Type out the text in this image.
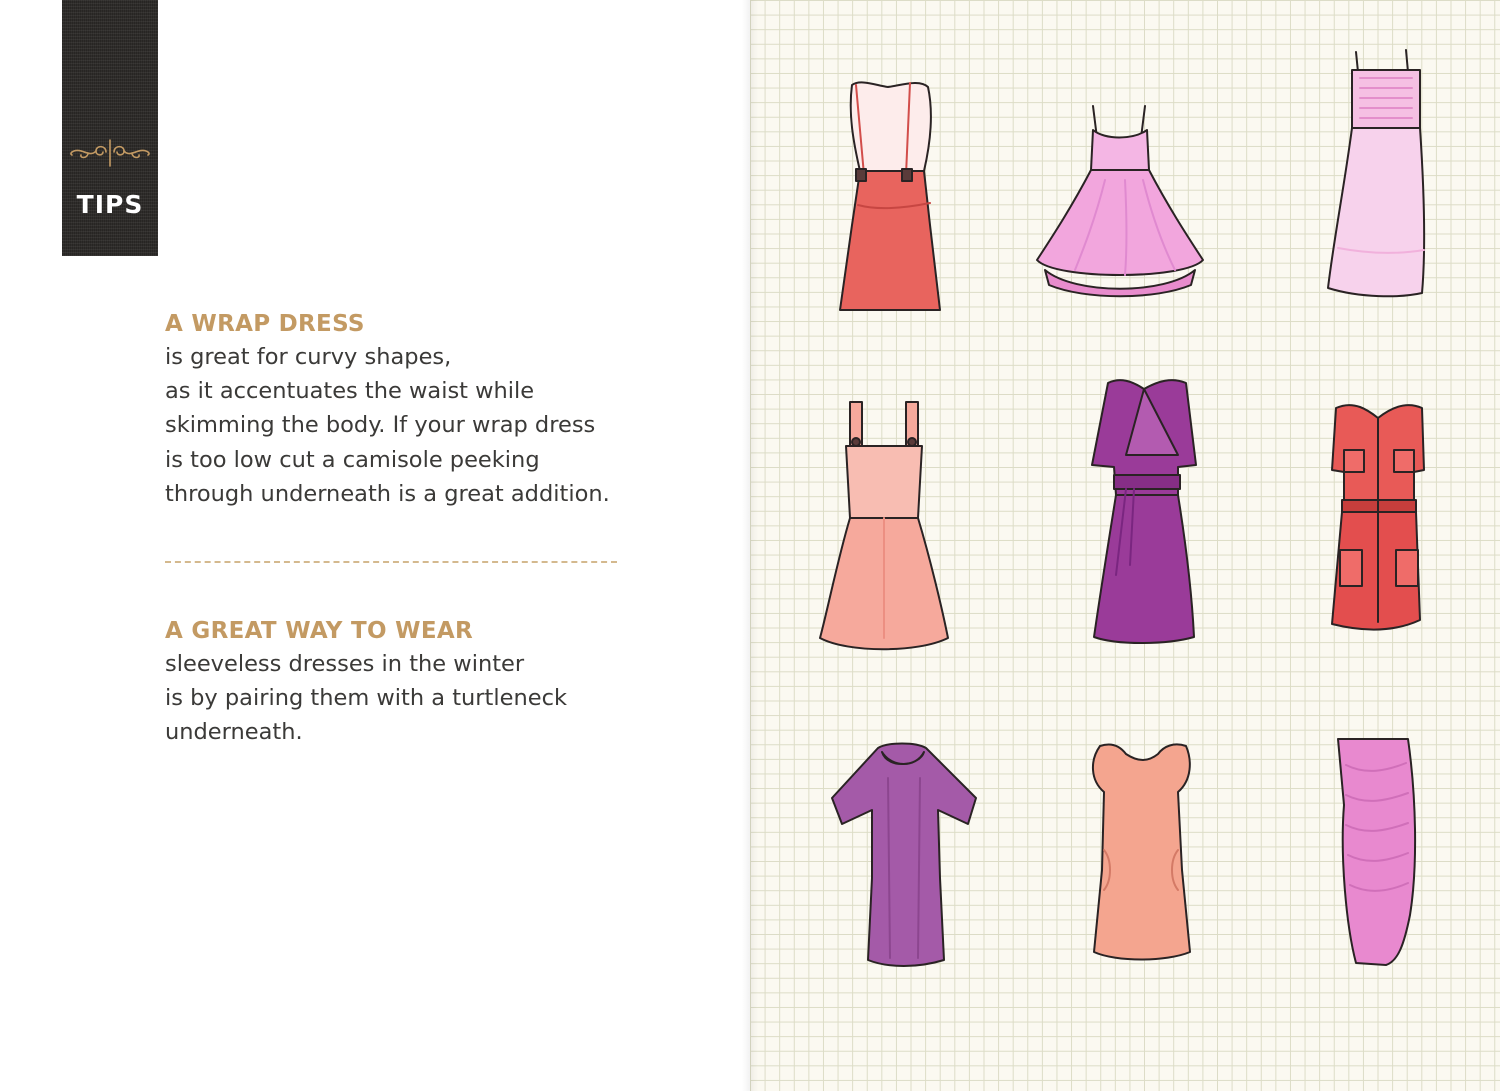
TIPS
A WRAP DRESS
is great for curvy shapes,
as it accentuates the waist while
skimming the body. If your wrap dress
is too low cut a camisole peeking
through underneath is a great addition.
A GREAT WAY TO WEAR
sleeveless dresses in the winter
is by pairing them with a turtleneck
underneath.
